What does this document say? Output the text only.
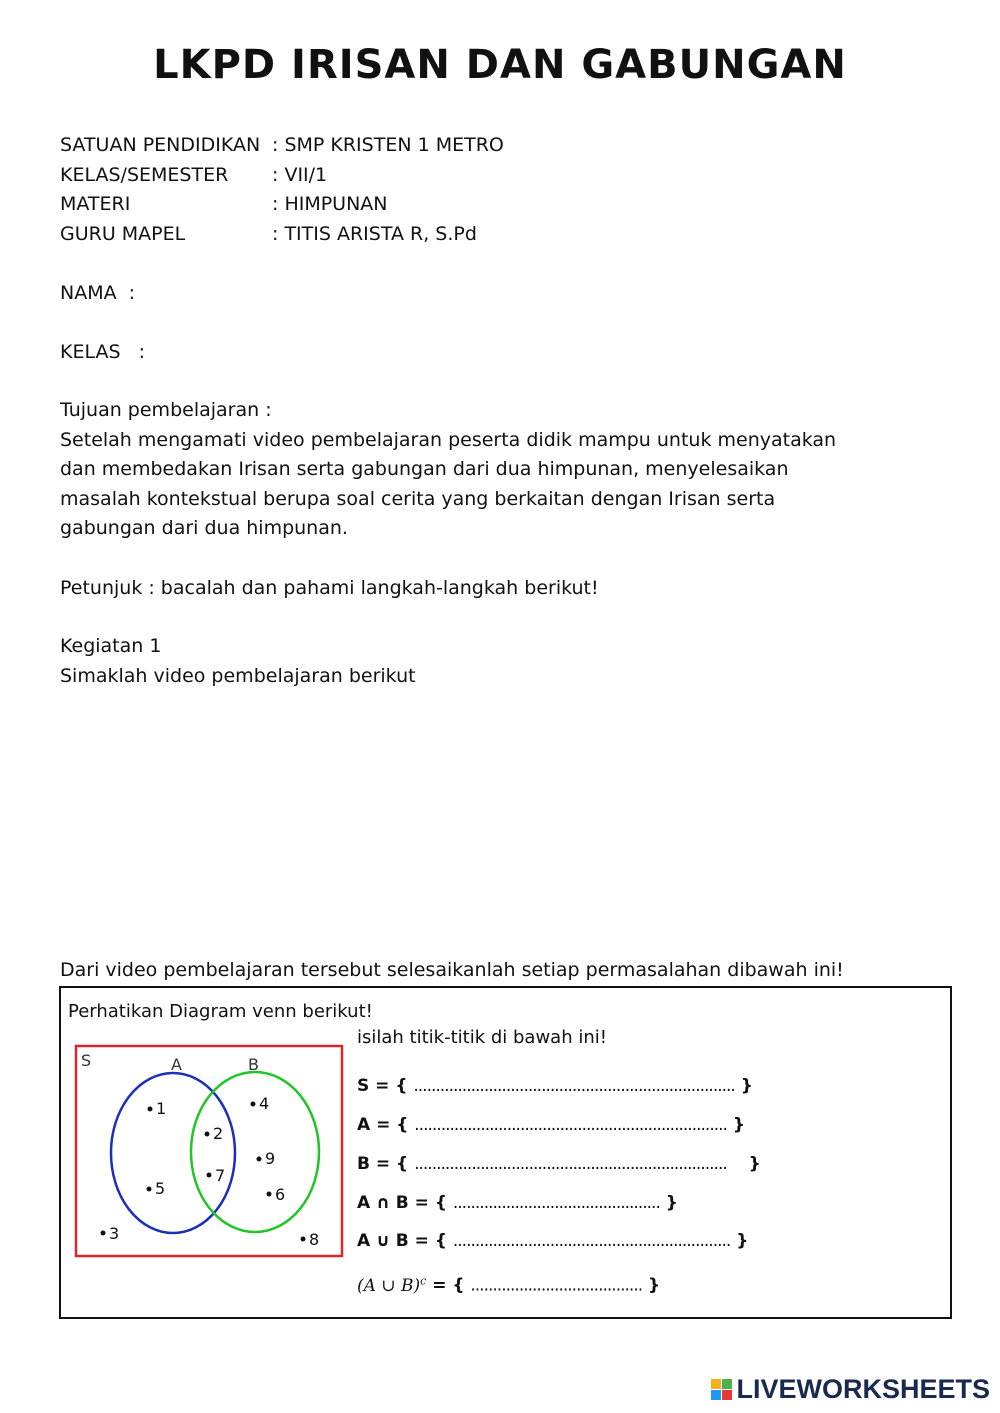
LKPD IRISAN DAN GABUNGAN
SATUAN PENDIDIKAN : SMP KRISTEN 1 METRO
KELAS/SEMESTER : VII/1
MATERI	: HIMPUNAN
GURU MAPEL	: TITIS ARISTA R, S.Pd
NAMA  :
KELAS   :
Tujuan pembelajaran :
Setelah mengamati video pembelajaran peserta didik mampu untuk menyatakan
dan membedakan Irisan serta gabungan dari dua himpunan, menyelesaikan
masalah kontekstual berupa soal cerita yang berkaitan dengan Irisan serta
gabungan dari dua himpunan.
Petunjuk : bacalah dan pahami langkah-langkah berikut!
Kegiatan 1
Simaklah video pembelajaran berikut
Dari video pembelajaran tersebut selesaikanlah setiap permasalahan dibawah ini!
Perhatikan Diagram venn berikut!
S	A	B
1
5
2
7
4
9
6
3	8
isilah titik-titik di bawah ini!
S = { ......................................................................... }
A = { ....................................................................... }
B = { ....................................................................... }
A ∩ B = { ............................................... }
A ∪ B = { ............................................................... }
(A ∪ B)$^c$ = { ....................................... }
LIVEWORKSHEETS
